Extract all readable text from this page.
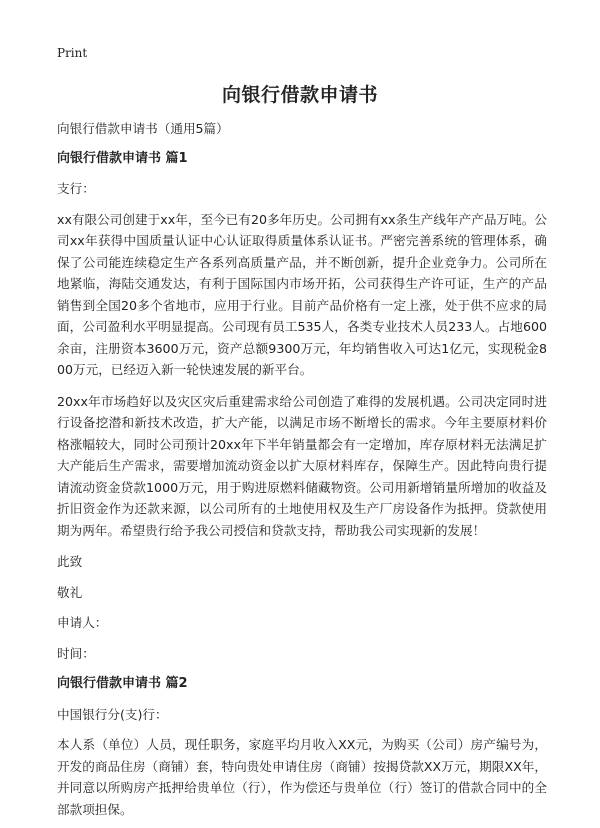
Print
向银行借款申请书

向银行借款申请书（通用5篇）

向银行借款申请书 篇1

支行：

xx有限公司创建于xx年，至今已有20多年历史。公司拥有xx条生产线年产产品万吨。公司xx年获得中国质量认证中心认证取得质量体系认证书。严密完善系统的管理体系，确保了公司能连续稳定生产各系列高质量产品，并不断创新，提升企业竞争力。公司所在地紧临，海陆交通发达，有利于国际国内市场开拓，公司获得生产许可证，生产的产品销售到全国20多个省地市，应用于行业。目前产品价格有一定上涨，处于供不应求的局面，公司盈利水平明显提高。公司现有员工535人，各类专业技术人员233人。占地600余亩，注册资本3600万元，资产总额9300万元，年均销售收入可达1亿元，实现税金800万元，已经迈入新一轮快速发展的新平台。

20xx年市场趋好以及灾区灾后重建需求给公司创造了难得的发展机遇。公司决定同时进行设备挖潜和新技术改造，扩大产能，以满足市场不断增长的需求。今年主要原材料价格涨幅较大，同时公司预计20xx年下半年销量都会有一定增加，库存原材料无法满足扩大产能后生产需求，需要增加流动资金以扩大原材料库存，保障生产。因此特向贵行提请流动资金贷款1000万元，用于购进原燃料储藏物资。公司用新增销量所增加的收益及折旧资金作为还款来源，以公司所有的土地使用权及生产厂房设备作为抵押。贷款使用期为两年。希望贵行给予我公司授信和贷款支持，帮助我公司实现新的发展！

此致

敬礼

申请人：

时间：

向银行借款申请书 篇2

中国银行分(支)行：

本人系（单位）人员，现任职务，家庭平均月收入XX元，为购买（公司）房产编号为，开发的商品住房（商铺）套，特向贵处申请住房（商铺）按揭贷款XX万元，期限XX年，并同意以所购房产抵押给贵单位（行），作为偿还与贵单位（行）签订的借款合同中的全部款项担保。
